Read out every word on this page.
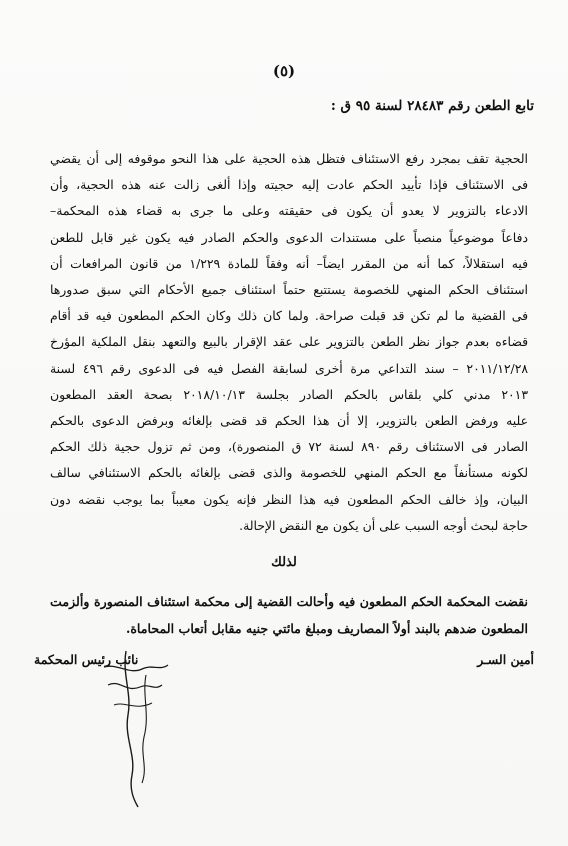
(٥)
تابع الطعن رقم ٢٨٤٨٣ لسنة ٩٥ ق :
الحجية تقف بمجرد رفع الاستئناف فتظل هذه الحجية على هذا النحو موقوفه إلى أن يقضي
فى الاستئناف فإذا تأييد الحكم عادت إليه حجيته وإذا ألغى زالت عنه هذه الحجية، وأن
الادعاء بالتزوير لا يعدو أن يكون فى حقيقته وعلى ما جرى به قضاء هذه المحكمة–
دفاعاً موضوعياً منصباً على مستندات الدعوى والحكم الصادر فيه يكون غير قابل للطعن
فيه استقلالاً، كما أنه من المقرر ايضاً– أنه وفقاً للمادة ١/٢٢٩ من قانون المرافعات أن
استئناف الحكم المنهي للخصومة يستتبع حتماً استئناف جميع الأحكام التي سبق صدورها
فى القضية ما لم تكن قد قبلت صراحة. ولما كان ذلك وكان الحكم المطعون فيه قد أقام
قضاءه بعدم جواز نظر الطعن بالتزوير على عقد الإقرار بالبيع والتعهد بنقل الملكية المؤرخ
٢٠١١/١٢/٢٨ – سند التداعي مرة أخرى لسابقة الفصل فيه فى الدعوى رقم ٤٩٦ لسنة
٢٠١٣ مدني كلي بلقاس بالحكم الصادر بجلسة ٢٠١٨/١٠/١٣ بصحة العقد المطعون
عليه ورفض الطعن بالتزوير، إلا أن هذا الحكم قد قضى بإلغائه وبرفض الدعوى بالحكم
الصادر فى الاستئناف رقم ٨٩٠ لسنة ٧٢ ق المنصورة)، ومن ثم تزول حجية ذلك الحكم
لكونه مستأنفاً مع الحكم المنهي للخصومة والذى قضى بإلغائه بالحكم الاستئنافي سالف
البيان، وإذ خالف الحكم المطعون فيه هذا النظر فإنه يكون معيباً بما يوجب نقضه دون
حاجة لبحث أوجه السبب على أن يكون مع النقض الإحالة.
لذلك
نقضت المحكمة الحكم المطعون فيه وأحالت القضية إلى محكمة استئناف المنصورة وألزمت
المطعون ضدهم بالبند أولاً المصاريف ومبلغ مائتي جنيه مقابل أتعاب المحاماة.
أمين السـر
نائب رئيس المحكمة
